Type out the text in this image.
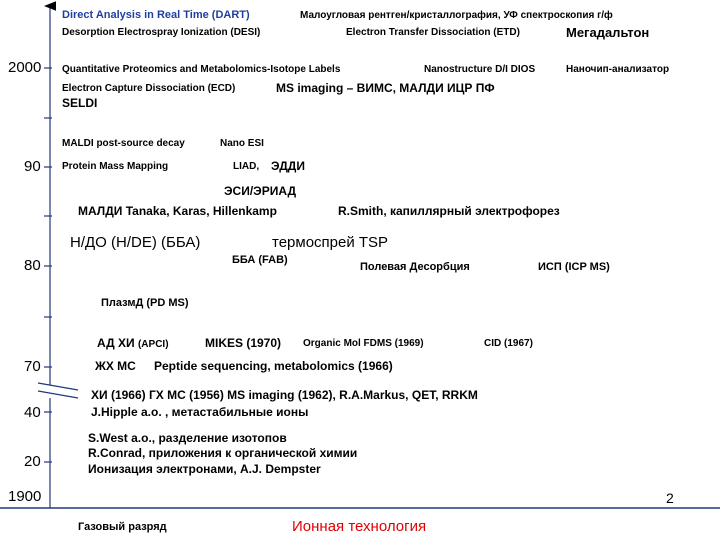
2000
90
80
70
40
20
1900
Direct Analysis in Real Time (DART)	Малоугловая рентген/кристаллография, УФ спектроскопия г/ф
Desorption Electrospray Ionization (DESI)	Electron Transfer Dissociation (ETD)	Мегадальтон
Quantitative Proteomics and Metabolomics-Isotope Labels	Nanostructure D/I DIOS	Наночип-анализатор
Electron Capture Dissociation (ECD)	MS imaging – ВИМС, МАЛДИ ИЦР ПФ
SELDI
MALDI post-source decay	Nano ESI
Protein Mass Mapping	LIAD, ЭДДИ
ЭСИ/ЭРИАД
МАЛДИ Tanaka, Karas, Hillenkamp	R.Smith, капиллярный электрофорез
Н/ДО (Н/DE) (ББА)	термоспрей TSP
ББА (FAB)
Полевая Десорбция	ИСП (ICP MS)
ПлазмД (PD MS)
АД ХИ (APCI)	MIKES (1970) Organic Mol FDMS (1969)	CID (1967)
ЖХ МС Peptide sequencing, metabolomics (1966)
ХИ (1966) ГХ МС (1956) MS imaging (1962), R.A.Markus, QET, RRKM
J.Hipple a.o. , метастабильные ионы
S.West a.o., разделение изотопов
R.Conrad, приложения к органической химии
Ионизация электронами, A.J. Dempster
Газовый разряд	Ионная технология
2
